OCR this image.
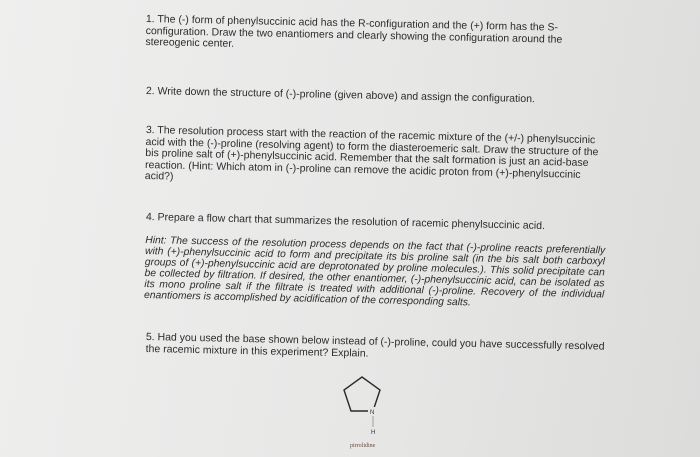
1. The (-) form of phenylsuccinic acid has the R-configuration and the (+) form has the S-configuration. Draw the two enantiomers and clearly showing the configuration around the stereogenic center.

2. Write down the structure of (-)-proline (given above) and assign the configuration.

3. The resolution process start with the reaction of the racemic mixture of the (+/-) phenylsuccinic acid with the (-)-proline (resolving agent) to form the diasteroemeric salt. Draw the structure of the bis proline salt of (+)-phenylsuccinic acid. Remember that the salt formation is just an acid-base reaction. (Hint: Which atom in (-)-proline can remove the acidic proton from (+)-phenylsuccinic acid?)

4. Prepare a flow chart that summarizes the resolution of racemic phenylsuccinic acid.

Hint: The success of the resolution process depends on the fact that (-)-proline reacts preferentially with (+)-phenylsuccinic acid to form and precipitate its bis proline salt (in the bis salt both carboxyl groups of (+)-phenylsuccinic acid are deprotonated by proline molecules.). This solid precipitate can be collected by filtration. If desired, the other enantiomer, (-)-phenylsuccinic acid, can be isolated as its mono proline salt if the filtrate is treated with additional (-)-proline. Recovery of the individual enantiomers is accomplished by acidification of the corresponding salts.

5. Had you used the base shown below instead of (-)-proline, could you have successfully resolved the racemic mixture in this experiment? Explain.

N
H
pirrolidine
